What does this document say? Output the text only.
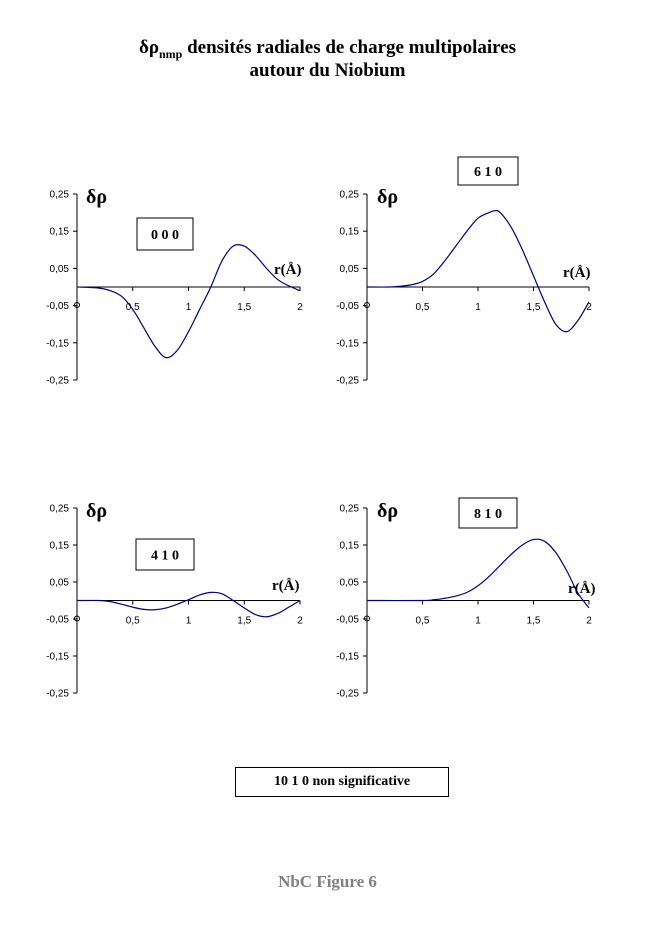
$\delta\rho_{nmp}$ densités radiales de charge multipolaires
autour du Niobium
0,25
0,15
0,05
-0,05
-0,15
-0,25
0,5	1	1,5	2
δρ
r(Å)
0 0 0
0,25
0,15
0,05
-0,05
-0,15
-0,25
0,5	1	1,5	2
δρ
r(Å)
6 1 0
0,25
0,15
0,05
-0,05
-0,15
-0,25
0,5	1	1,5	2
δρ
r(Å)
4 1 0
0,25
0,15
0,05
-0,05
-0,15
-0,25
0,5	1	1,5	2
δρ
r(Å)
8 1 0
10 1 0 non significative
NbC Figure 6
